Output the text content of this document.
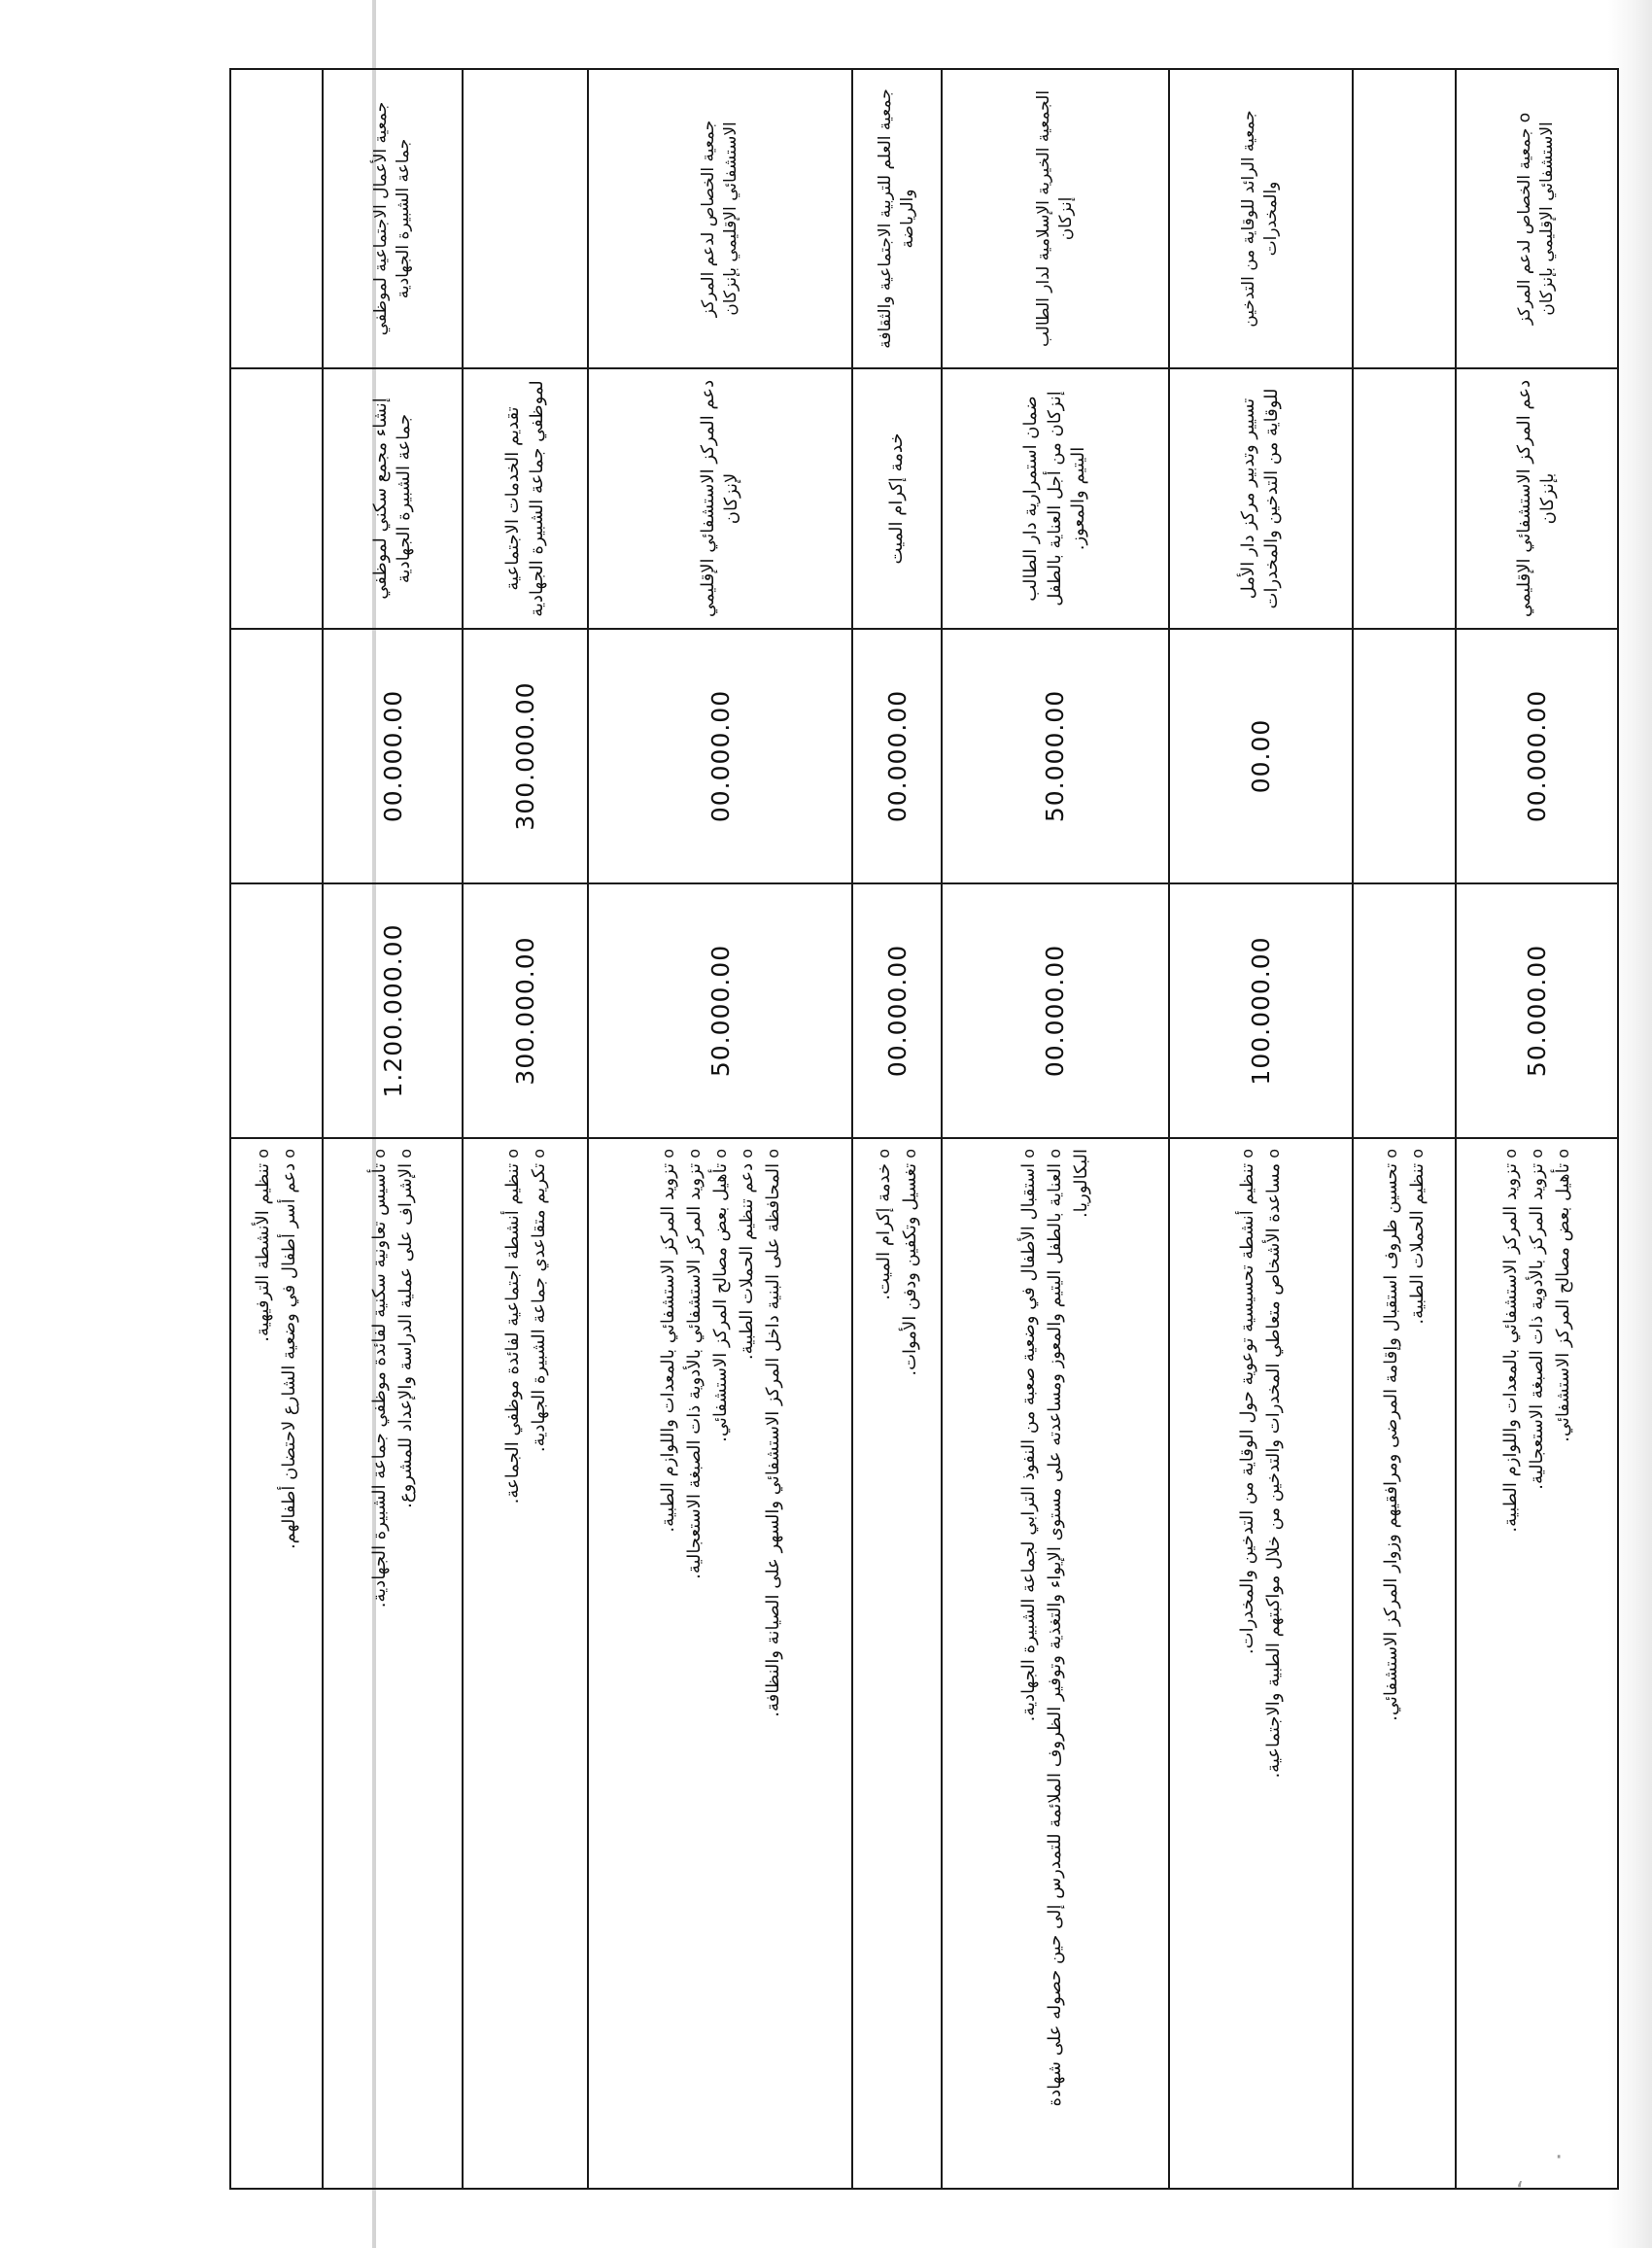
·
‘

				o تنظيم الأنشطة الترفيهية. o دعم أسر أطفال في وضعية الشارع لاحتضان أطفالهم.

جمعية الأعمال الاجتماعية لموظفي جماعة الشبيرة الجهادية	إنشاء مجمع سكني لموظفي جماعة الشبيرة الجهادية	00.000.00	1.200.000.00	o تأسيس تعاونية سكنية لفائدة موظفي جماعة الشبيرة الجهادية. o الإشراف على عملية الدراسة والإعداد للمشروع.

	تقديم الخدمات الاجتماعية لموظفي جماعة الشبيرة الجهادية	300.000.00	300.000.00	o تنظيم أنشطة اجتماعية لفائدة موظفي الجماعة. o تكريم متقاعدي جماعة الشبيرة الجهادية.

جمعية الخصاص لدعم المركز الاستشفائي الإقليمي بإنزكان	دعم المركز الاستشفائي الإقليمي لإنزكان	00.000.00	50.000.00	o تزويد المركز الاستشفائي بالمعدات واللوازم الطبية. o تزويد المركز الاستشفائي بالأدوية ذات الصبغة الاستعجالية. o تأهيل بعض مصالح المركز الاستشفائي. o دعم تنظيم الحملات الطبية. o المحافظة على البنية داخل المركز الاستشفائي والسهر على الصيانة والنظافة.

جمعية العلم للتربية الاجتماعية والثقافة والرياضة	خدمة إكرام الميت	00.000.00	00.000.00	o خدمة إكرام الميت. o تغسيل وتكفين ودفن الأموات.

الجمعية الخيرية الإسلامية لدار الطالب إنزكان	ضمان استمرارية دار الطالب إنزكان من أجل العناية بالطفل اليتيم والمعوز.	50.000.00	00.000.00	o استقبال الأطفال في وضعية صعبة من النفوذ الترابي لجماعة الشبيرة الجهادية. o العناية بالطفل اليتيم والمعوز ومساعدته على مستوى الإيواء والتغذية وتوفير الظروف الملائمة للتمدرس إلى حين حصوله على شهادة البكالوريا.

جمعية الرائد للوقاية من التدخين والمخدرات	تسيير وتدبير مركز دار الأمل للوقاية من التدخين والمخدرات	00.00	100.000.00	o تنظيم أنشطة تحسيسية توعوية حول الوقاية من التدخين والمخدرات. o مساعدة الأشخاص متعاطي المخدرات والتدخين من خلال مواكبتهم الطبية والاجتماعية.

				o تحسين ظروف استقبال وإقامة المرضى ومرافقيهم وزوار المركز الاستشفائي. o تنظيم الحملات الطبية.

o جمعية الخصاص لدعم المركز الاستشفائي الإقليمي بإنزكان	دعم المركز الاستشفائي الإقليمي بإنزكان	00.000.00	50.000.00	o تزويد المركز الاستشفائي بالمعدات واللوازم الطبية. o تزويد المركز بالأدوية ذات الصبغة الاستعجالية. o تأهيل بعض مصالح المركز الاستشفائي.
